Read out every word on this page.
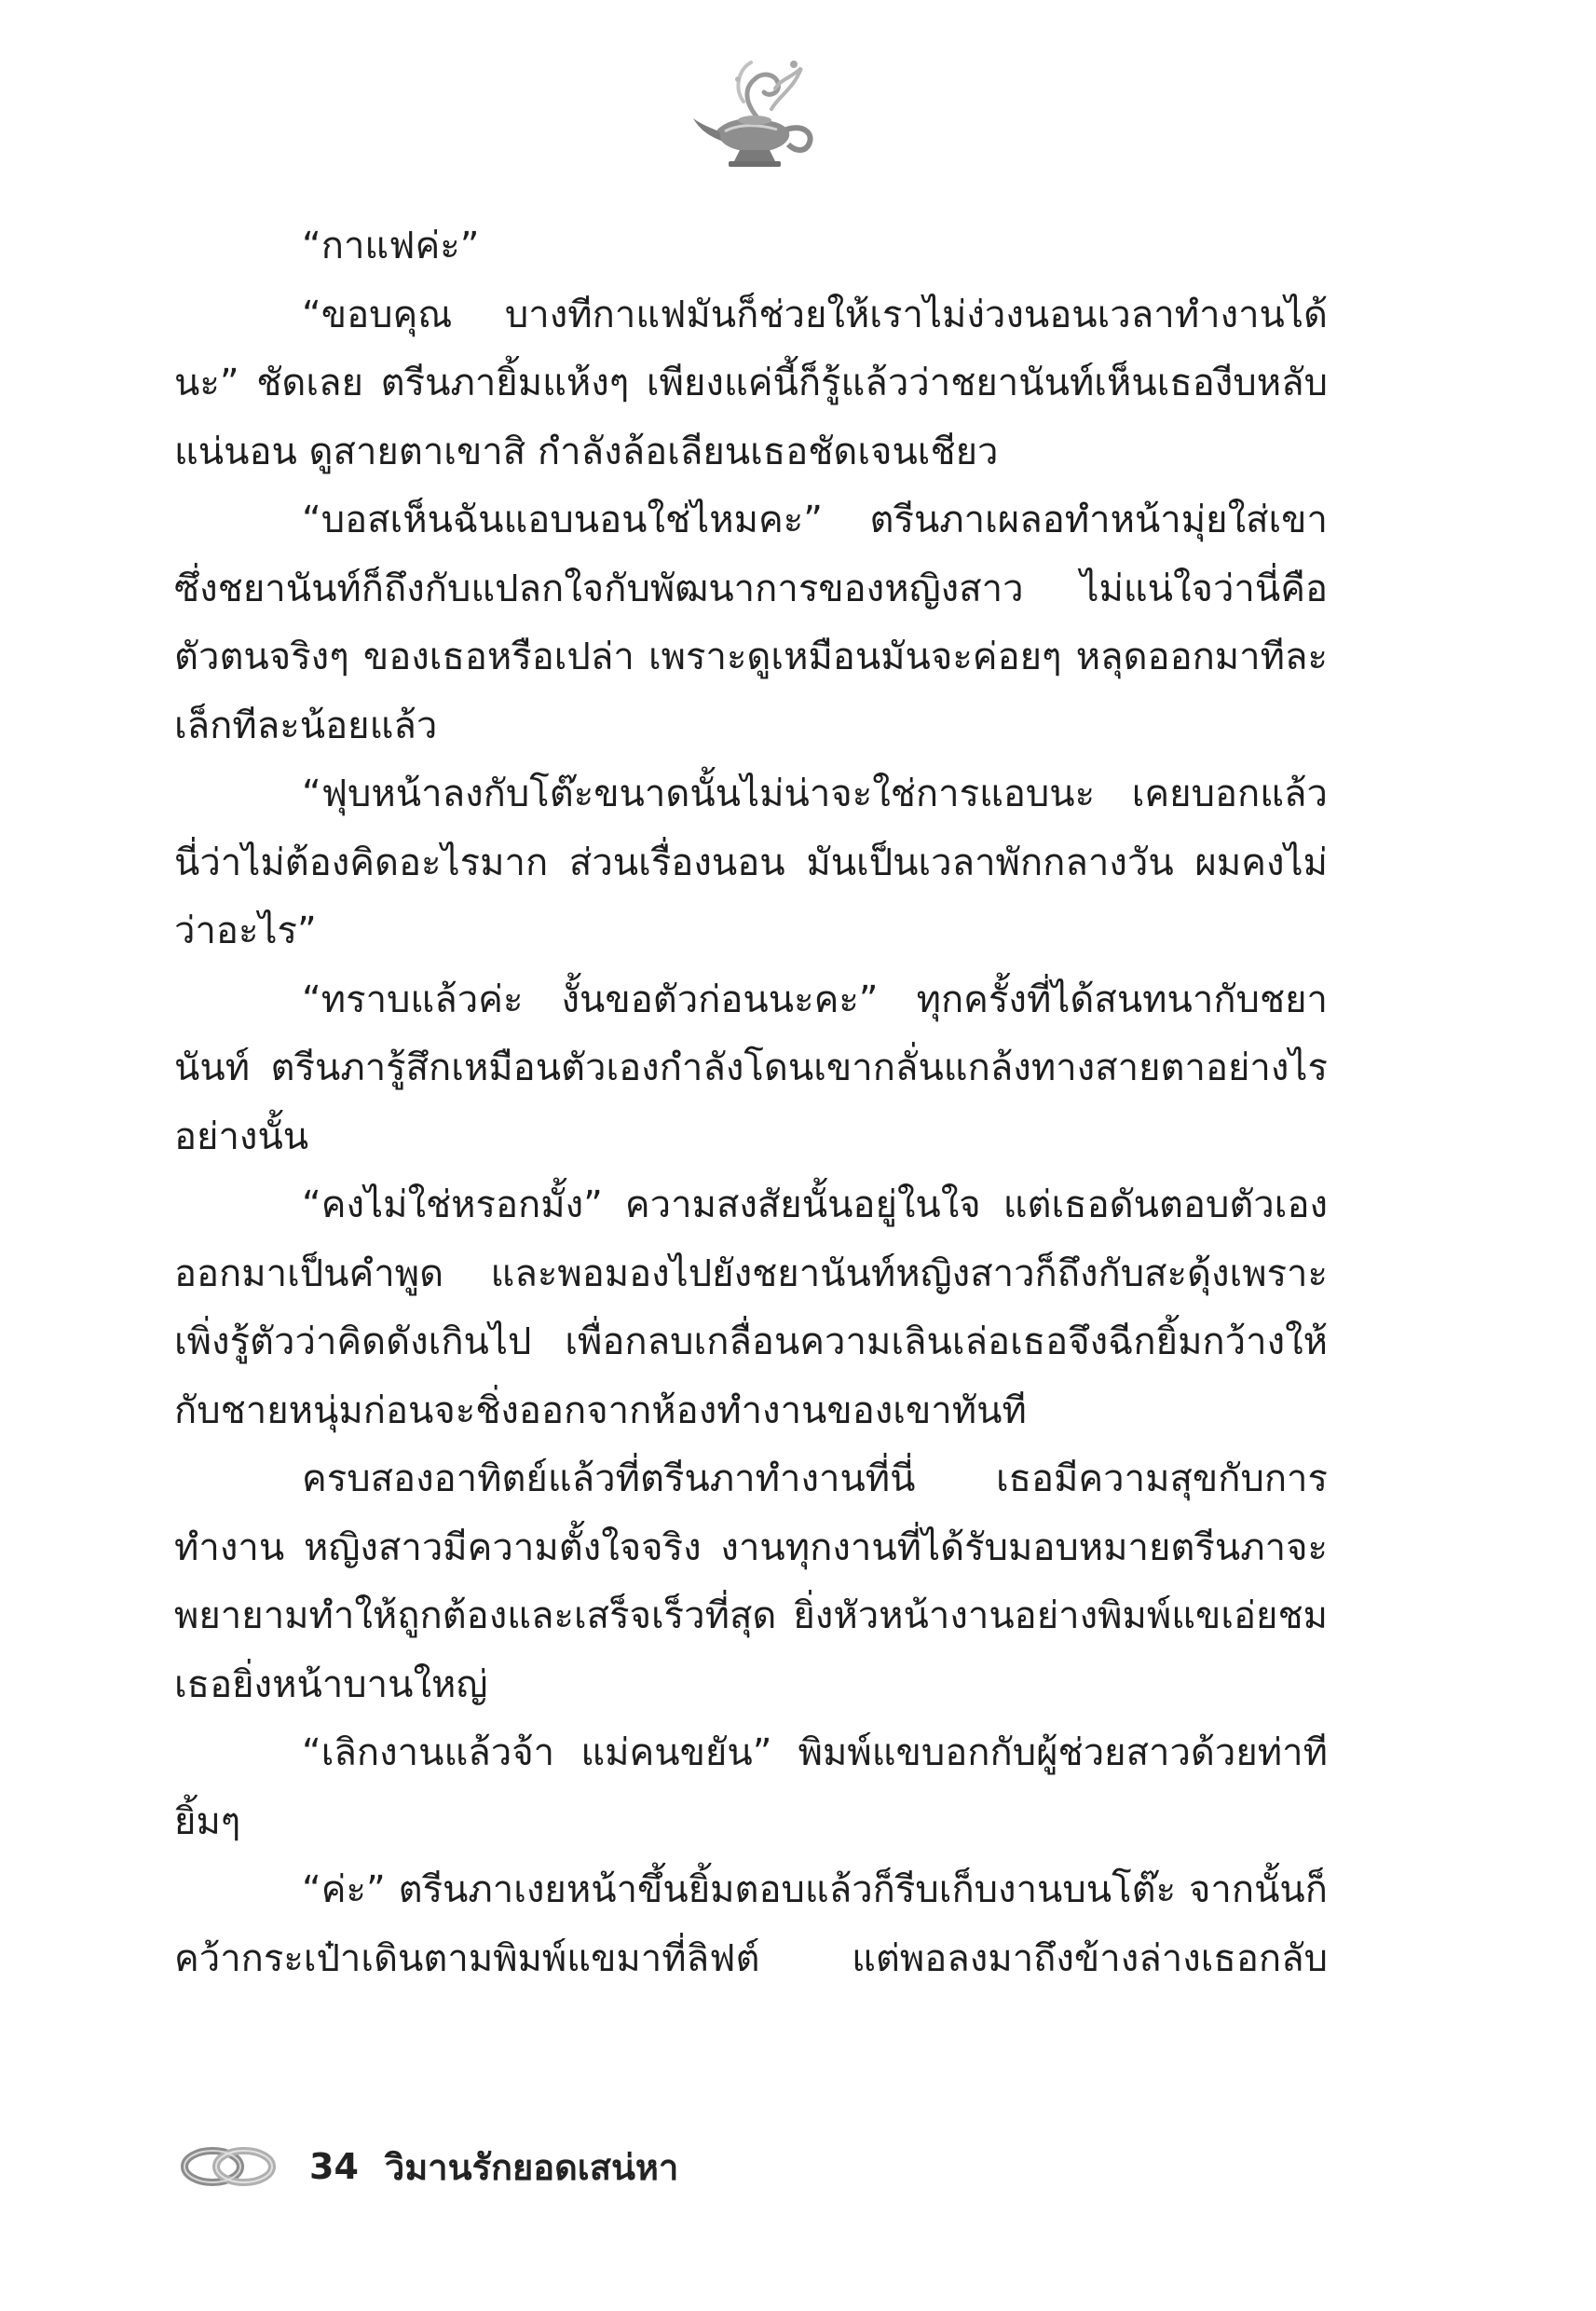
“กาแฟค่ะ”

“ขอบคุณ บางทีกาแฟมันก็ช่วยให้เราไม่ง่วงนอนเวลาทำงานได้นะ” ชัดเลย ตรีนภายิ้มแห้งๆ เพียงแค่นี้ก็รู้แล้วว่าชยานันท์เห็นเธองีบหลับแน่นอน ดูสายตาเขาสิ กำลังล้อเลียนเธอชัดเจนเชียว

“บอสเห็นฉันแอบนอนใช่ไหมคะ” ตรีนภาเผลอทำหน้ามุ่ยใส่เขา ซึ่งชยานันท์ก็ถึงกับแปลกใจกับพัฒนาการของหญิงสาว ไม่แน่ใจว่านี่คือตัวตนจริงๆ ของเธอหรือเปล่า เพราะดูเหมือนมันจะค่อยๆ หลุดออกมาทีละเล็กทีละน้อยแล้ว

“ฟุบหน้าลงกับโต๊ะขนาดนั้นไม่น่าจะใช่การแอบนะ เคยบอกแล้วนี่ว่าไม่ต้องคิดอะไรมาก ส่วนเรื่องนอน มันเป็นเวลาพักกลางวัน ผมคงไม่ว่าอะไร”

“ทราบแล้วค่ะ งั้นขอตัวก่อนนะคะ” ทุกครั้งที่ได้สนทนากับชยานันท์ ตรีนภารู้สึกเหมือนตัวเองกำลังโดนเขากลั่นแกล้งทางสายตาอย่างไรอย่างนั้น

“คงไม่ใช่หรอกมั้ง” ความสงสัยนั้นอยู่ในใจ แต่เธอดันตอบตัวเองออกมาเป็นคำพูด และพอมองไปยังชยานันท์หญิงสาวก็ถึงกับสะดุ้งเพราะเพิ่งรู้ตัวว่าคิดดังเกินไป เพื่อกลบเกลื่อนความเลินเล่อเธอจึงฉีกยิ้มกว้างให้กับชายหนุ่มก่อนจะชิ่งออกจากห้องทำงานของเขาทันที

ครบสองอาทิตย์แล้วที่ตรีนภาทำงานที่นี่ เธอมีความสุขกับการทำงาน หญิงสาวมีความตั้งใจจริง งานทุกงานที่ได้รับมอบหมายตรีนภาจะพยายามทำให้ถูกต้องและเสร็จเร็วที่สุด ยิ่งหัวหน้างานอย่างพิมพ์แขเอ่ยชมเธอยิ่งหน้าบานใหญ่

“เลิกงานแล้วจ้า แม่คนขยัน” พิมพ์แขบอกกับผู้ช่วยสาวด้วยท่าทียิ้มๆ

“ค่ะ” ตรีนภาเงยหน้าขึ้นยิ้มตอบแล้วก็รีบเก็บงานบนโต๊ะ จากนั้นก็คว้ากระเป๋าเดินตามพิมพ์แขมาที่ลิฟต์ แต่พอลงมาถึงข้างล่างเธอกลับ

34 วิมานรักยอดเสน่หา
